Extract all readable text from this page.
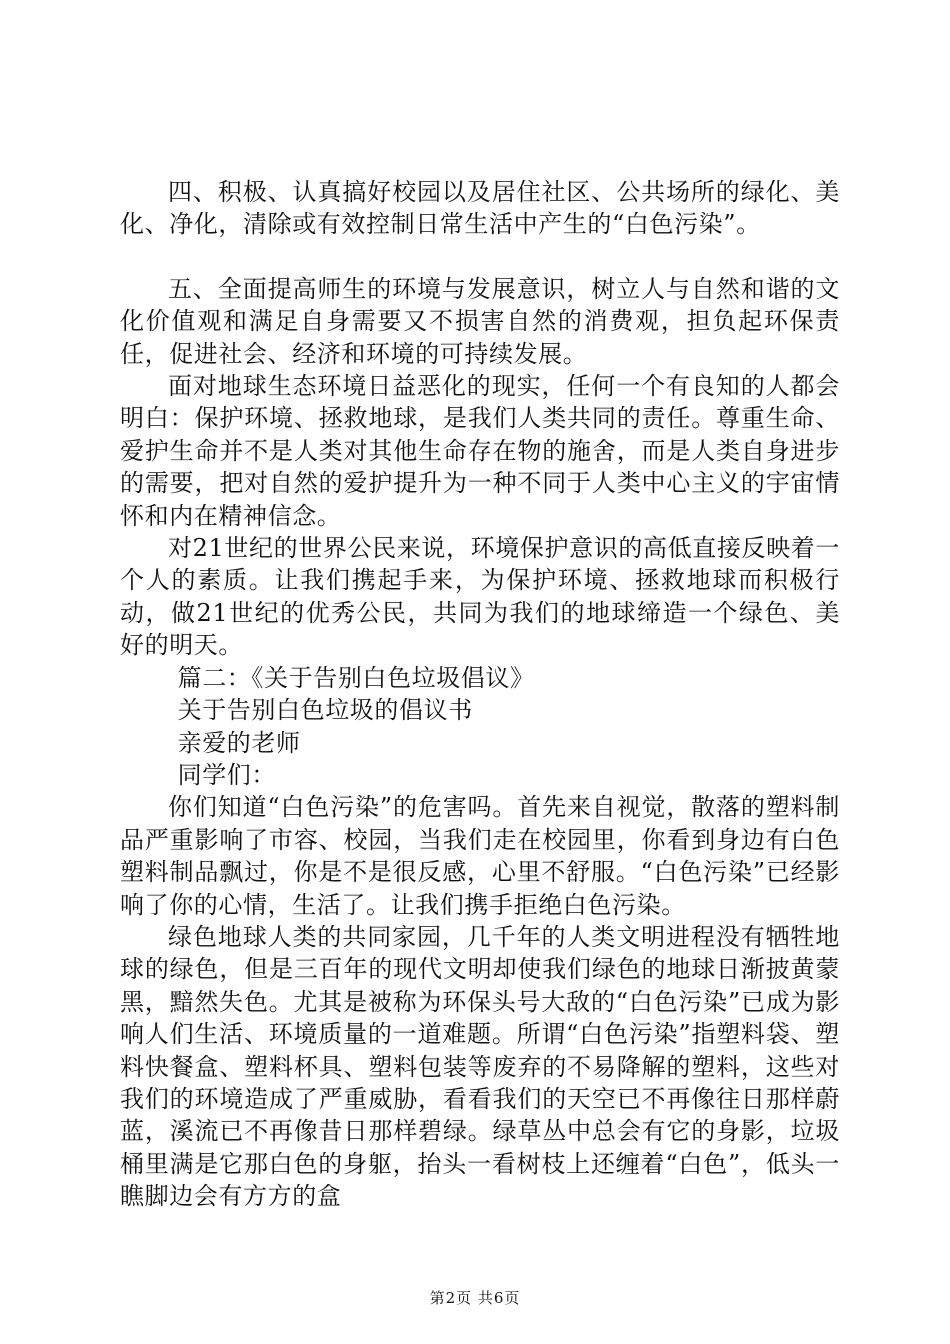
四、积极、认真搞好校园以及居住社区、公共场所的绿化、美化、净化，清除或有效控制日常生活中产生的“白色污染”。

五、全面提高师生的环境与发展意识，树立人与自然和谐的文化价值观和满足自身需要又不损害自然的消费观，担负起环保责任，促进社会、经济和环境的可持续发展。

面对地球生态环境日益恶化的现实，任何一个有良知的人都会明白：保护环境、拯救地球，是我们人类共同的责任。尊重生命、爱护生命并不是人类对其他生命存在物的施舍，而是人类自身进步的需要，把对自然的爱护提升为一种不同于人类中心主义的宇宙情怀和内在精神信念。

对21世纪的世界公民来说，环境保护意识的高低直接反映着一个人的素质。让我们携起手来，为保护环境、拯救地球而积极行动，做21世纪的优秀公民，共同为我们的地球缔造一个绿色、美好的明天。

篇二：《关于告别白色垃圾倡议》

关于告别白色垃圾的倡议书

亲爱的老师

同学们：

你们知道“白色污染”的危害吗。首先来自视觉，散落的塑料制品严重影响了市容、校园，当我们走在校园里，你看到身边有白色塑料制品飘过，你是不是很反感，心里不舒服。“白色污染”已经影响了你的心情，生活了。让我们携手拒绝白色污染。

绿色地球人类的共同家园，几千年的人类文明进程没有牺牲地球的绿色，但是三百年的现代文明却使我们绿色的地球日渐披黄蒙黑，黯然失色。尤其是被称为环保头号大敌的“白色污染”已成为影响人们生活、环境质量的一道难题。所谓“白色污染”指塑料袋、塑料快餐盒、塑料杯具、塑料包装等废弃的不易降解的塑料，这些对我们的环境造成了严重威胁，看看我们的天空已不再像往日那样蔚蓝，溪流已不再像昔日那样碧绿。绿草丛中总会有它的身影，垃圾桶里满是它那白色的身躯，抬头一看树枝上还缠着“白色”，低头一瞧脚边会有方方的盒

第2页 共6页
